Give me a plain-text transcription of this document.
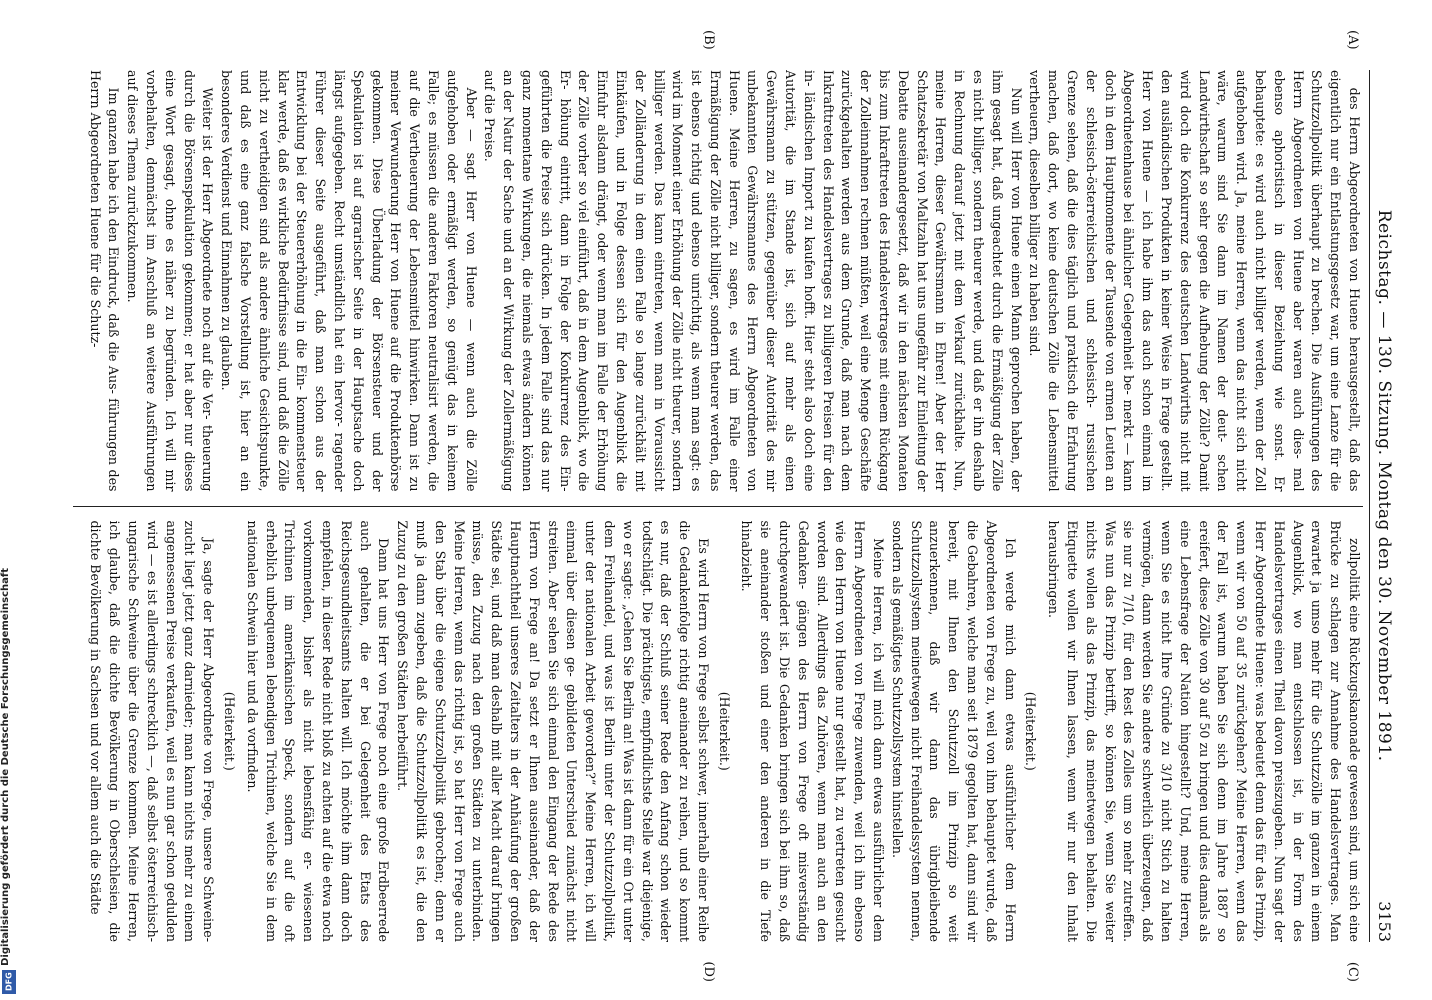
Digitalisierung gefördert durch die Deutsche Forschungsgemeinschaft
DFG
Reichstag. — 130. Sitzung. Montag den 30. November 1891.
3153

des Herrn Abgeordneten von Huene herausgestellt, daß das eigentlich nur ein Entlastungsgesetz war, um eine Lanze für die Schutzzollpolitik überhaupt zu brechen. Die Ausführungen des Herrn Abgeordneten von Huene aber waren auch dies- mal ebenso aphoristisch in dieser Beziehung wie sonst. Er behauptete: es wird auch nicht billiger werden, wenn der Zoll aufgehoben wird. Ja, meine Herren, wenn das nicht sich nicht wäre, warum sind Sie dann im Namen der deut- schen Landwirthschaft so sehr gegen die Aufhebung der Zölle? Damit wird doch die Konkurrenz des deutschen Landwirths nicht mit den ausländischen Produkten in keiner Weise in Frage gestellt. Herr von Huene — ich habe ihm das auch schon einmal im Abgeordnetenhause bei ähnlicher Gelegenheit be- merkt — kann doch in dem Hauptmomente der Tausende von armen Leuten an der schlesisch-österreichischen und schlesisch- russischen Grenze sehen, daß die dies täglich und praktisch die Erfahrung machen, daß dort, wo keine deutschen Zölle die Lebensmittel vertheuern, dieselben billiger zu haben sind.

Nun will Herr von Huene einen Mann geprochen haben, der ihm gesagt hat, daß ungeachtet durch die Ermäßigung der Zölle es nicht billiger, sondern theurer werde, und daß er ihn deshalb in Rechnung darauf jetzt mit dem Verkauf zurückhalte. Nun, meine Herren, dieser Gewährsmann in Ehren! Aber der Herr Schatzsekretär von Maltzahn hat uns ungefähr zur Einleitung der Debatte auseinandergesetzt, daß wir in den nächsten Monaten bis zum Inkrafttreten des Handelsvertrages mit einem Rückgang der Zolleinnahmen rechnen müßten, weil eine Menge Geschäfte zurückgehalten werden aus dem Grunde, daß man nach dem Inkrafttreten des Handelsvertrages zu billigeren Preisen für den in- ländischen Import zu kaufen hofft. Hier steht also doch eine Autorität, die im Stande ist, sich auf mehr als einen Gewährsmann zu stützen, gegenüber dieser Autorität des mir unbekannten Gewährsmannes des Herrn Abgeordneten von Huene. Meine Herren, zu sagen, es wird im Falle einer Ermäßigung der Zölle nicht billiger, sondern theurer werden, das ist ebenso richtig und ebenso unrichtig, als wenn man sagt: es wird im Moment einer Erhöhung der Zölle nicht theurer, sondern billiger werden. Das kann eintreten, wenn man in Voraussicht der Zolländerung in dem einen Falle so lange zurückhält mit Einkäufen, und in Folge dessen sich für den Augenblick die Einfuhr alsdann drängt, oder wenn man im Falle der Erhöhung der Zölle vorher so viel einführt, daß in dem Augenblick, wo die Er- höhung eintritt, dann in Folge der Konkurrenz des Ein- geführten die Preise sich drücken. In jedem Falle sind das nur ganz momentane Wirkungen, die niemals etwas ändern können an der Natur der Sache und an der Wirkung der Zollermäßigung auf die Preise.

Aber — sagt Herr von Huene — wenn auch die Zölle aufgehoben oder ermäßigt werden, so genügt das in keinem Falle; es müssen die anderen Faktoren neutralisirt werden, die auf die Vertheuerung der Lebensmittel hinwirken. Dann ist zu meiner Verwunderung Herr von Huene auf die Produktenbörse gekommen. Diese Überladung der Börsensteuer und der Spekulation ist auf agrarischer Seite in der Hauptsache doch längst aufgegeben. Recht umständlich hat ein hervor- ragender Führer dieser Seite ausgeführt, daß man schon aus der Entwicklung bei der Steuererhöhung in die Ein- kommensteuer klar werde, daß es wirkliche Bedürfnisse sind, und daß die Zölle nicht zu vertheidigen sind als andere ähnliche Gesichtspunkte, und daß es eine ganz falsche Vorstellung ist, hier an ein besonderes Verdienst und Einnahmen zu glauben.

Weiter ist der Herr Abgeordnete noch auf die Ver- theuerung durch die Börsenspekulation gekommen; er hat aber nur dieses eine Wort gesagt, ohne es näher zu begründen. Ich will mir vorbehalten, demnächst im Anschluß an weitere Ausführungen auf dieses Thema zurückzukommen.

Im ganzen habe ich den Eindruck, daß die Aus- führungen des Herrn Abgeordneten Huene für die Schutz-

zollpolitik eine Rückzugskanonade gewesen sind, um sich eine Brücke zu schlagen zur Annahme des Handelsvertrages. Man erwartet ja umso mehr für die Schutzzölle im ganzen in einem Augenblick, wo man entschlossen ist, in der Form des Handelsvertrages einen Theil davon preiszugeben. Nun sagt der Herr Abgeordnete Huene: was bedeutet denn das für das Prinzip, wenn wir von 50 auf 35 zurückgehen? Meine Herren, wenn das der Fall ist, warum haben Sie sich denn im Jahre 1887 so ereifert, diese Zölle von 30 auf 50 zu bringen und dies damals als eine Lebensfrage der Nation hingestellt? Und, meine Herren, wenn Sie es nicht Ihre Gründe zu 3/10 nicht Stich zu halten vermögen, dann werden Sie andere schwerlich überzeugen, daß sie nur zu 7/10, für den Rest des Zolles um so mehr zutreffen. Was nun das Prinzip betrifft, so können Sie, wenn Sie weiter nichts wollen als das Prinzip, das meinetwegen behalten. Die Etiquette wollen wir Ihnen lassen, wenn wir nur den Inhalt herausbringen.

(Heiterkeit.)

Ich werde mich dann etwas ausführlicher dem Herrn Abgeordneten von Frege zu, weil von ihm behauptet wurde, daß die Gebahren, welche man seit 1879 gegolten hat, dann sind wir bereit, mit Ihnen den Schutzzoll im Prinzip so weit anzuerkennen, daß wir dann das übrigbleibende Schutzzollsystem meinetwegen nicht Freihandelssystem nennen, sondern als gemäßigtes Schutzzollsystem hinstellen.

Meine Herren, ich will mich dann etwas ausführlicher dem Herrn Abgeordneten von Frege zuwenden, weil ich ihn ebenso wie den Herrn von Huene nur gestellt hat, zu vertreten gesucht worden sind. Allerdings das Zuhören, wenn man auch an den Gedanken- gängen des Herrn von Frege oft misverständig durchgewandert ist. Die Gedanken bringen sich bei ihm so, daß sie aneinander stoßen und einer den anderen in die Tiefe hinabzieht.

(Heiterkeit.)

Es wird Herrn von Frege selbst schwer, innerhalb einer Reihe die Gedankenfolge richtig aneinander zu reihen, und so kommt es nur, daß der Schluß seiner Rede den Anfang schon wieder todtschlägt. Die prächtigste, empfindlichste Stelle war diejenige, wo er sagte: „Gehen Sie Berlin an! Was ist dann für ein Ort unter dem Freihandel, und was ist Berlin unter der Schutzzollpolitik, unter der nationalen Arbeit geworden?“ Meine Herren, ich will einmal über diesen ge- gebildeten Unterschied zunächst nicht streiten. Aber sehen Sie sich einmal den Eingang der Rede des Herrn von Frege an! Da setzt er Ihnen auseinander, daß der Hauptnachtheil unseres Zeitalters in der Anhäufung der großen Städte sei, und daß man deshalb mit aller Macht darauf bringen müsse, den Zuzug nach den großen Städten zu unterbinden. Meine Herren, wenn das richtig ist, so hat Herr von Frege auch den Stab über die eigene Schutzzollpolitik gebrochen; denn er muß ja dann zugeben, daß die Schutzzollpolitik es ist, die den Zuzug zu den großen Städten herbeiführt.

Dann hat uns Herr von Frege noch eine große Erdbeerrede auch gehalten, die er bei Gelegenheit des Etats des Reichsgesundheitsamts halten will. Ich möchte ihm dann doch empfehlen, in dieser Rede nicht bloß zu achten auf die etwa noch vorkommenden, bisher als nicht lebensfähig er- wiesenen Trichinen im amerikanischen Speck, sondern auf die oft erheblich unbequemen lebendigen Trichinen, welche Sie in dem nationalen Schwein hier und da vorfinden.

(Heiterkeit.)

Ja, sagte der Herr Abgeordnete von Frege, unsere Schweine- zucht liegt jetzt ganz darnieder; man kann nichts mehr zu einem angemessenen Preise verkaufen, weil es nun gar schon gedulden wird — es ist allerdings schrecklich —, daß selbst österreichisch-ungarische Schweine über die Grenze kommen. Meine Herren, ich glaube, daß die dichte Bevölkerung in Oberschlesien, die dichte Bevölkerung in Sachsen und vor allem auch die Städte

(A)
(B)
(C)
(D)
